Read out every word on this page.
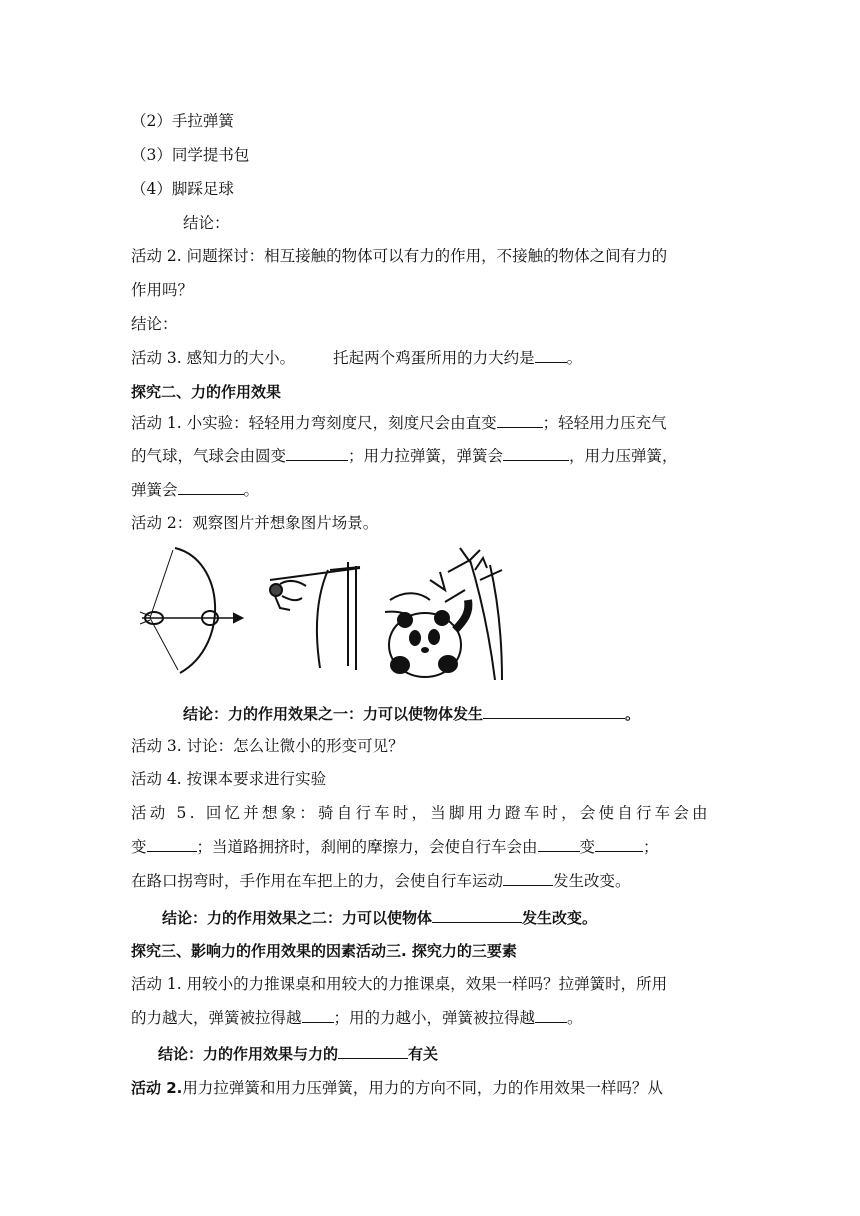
（2）手拉弹簧
（3）同学提书包
（4）脚踩足球
结论：
活动 2. 问题探讨：相互接触的物体可以有力的作用，不接触的物体之间有力的
作用吗？
结论：
活动 3. 感知力的大小。 托起两个鸡蛋所用的力大约是 。
探究二、力的作用效果
活动 1. 小实验：轻轻用力弯刻度尺，刻度尺会由直变	；轻轻用力压充气
的气球，气球会由圆变	；用力拉弹簧，弹簧会	，用力压弹簧，
弹簧会	。
活动 2：观察图片并想象图片场景。
结论：力的作用效果之一：力可以使物体发生	。
活动 3. 讨论：怎么让微小的形变可见？
活动 4. 按课本要求进行实验
活动 5. 回忆并想象：骑自行车时，当脚用力蹬车时，会使自行车会由
变	；当道路拥挤时，刹闸的摩擦力，会使自行车会由	变	；
在路口拐弯时，手作用在车把上的力，会使自行车运动	发生改变。
结论：力的作用效果之二：力可以使物体	发生改变。
探究三、影响力的作用效果的因素活动三. 探究力的三要素
活动 1. 用较小的力推课桌和用较大的力推课桌，效果一样吗？拉弹簧时，所用
的力越大，弹簧被拉得越 ；用的力越小，弹簧被拉得越 。
结论：力的作用效果与力的	有关
活动 2.用力拉弹簧和用力压弹簧，用力的方向不同，力的作用效果一样吗？从
